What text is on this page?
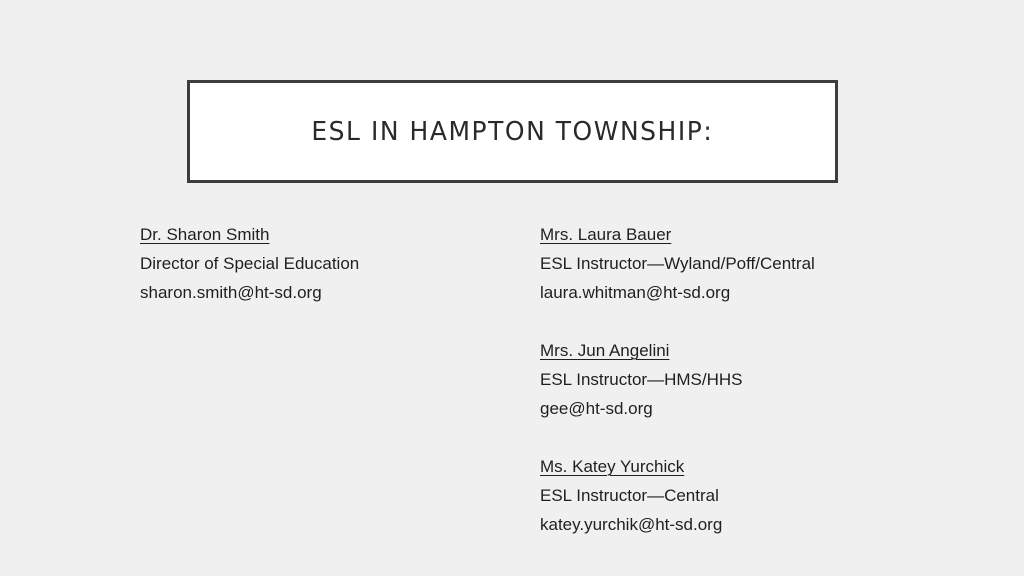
ESL IN HAMPTON TOWNSHIP:
Dr. Sharon Smith
Director of Special Education
sharon.smith@ht-sd.org
Mrs. Laura Bauer
ESL Instructor—Wyland/Poff/Central
laura.whitman@ht-sd.org
Mrs. Jun Angelini
ESL Instructor—HMS/HHS
gee@ht-sd.org
Ms. Katey Yurchick
ESL Instructor—Central
katey.yurchik@ht-sd.org
